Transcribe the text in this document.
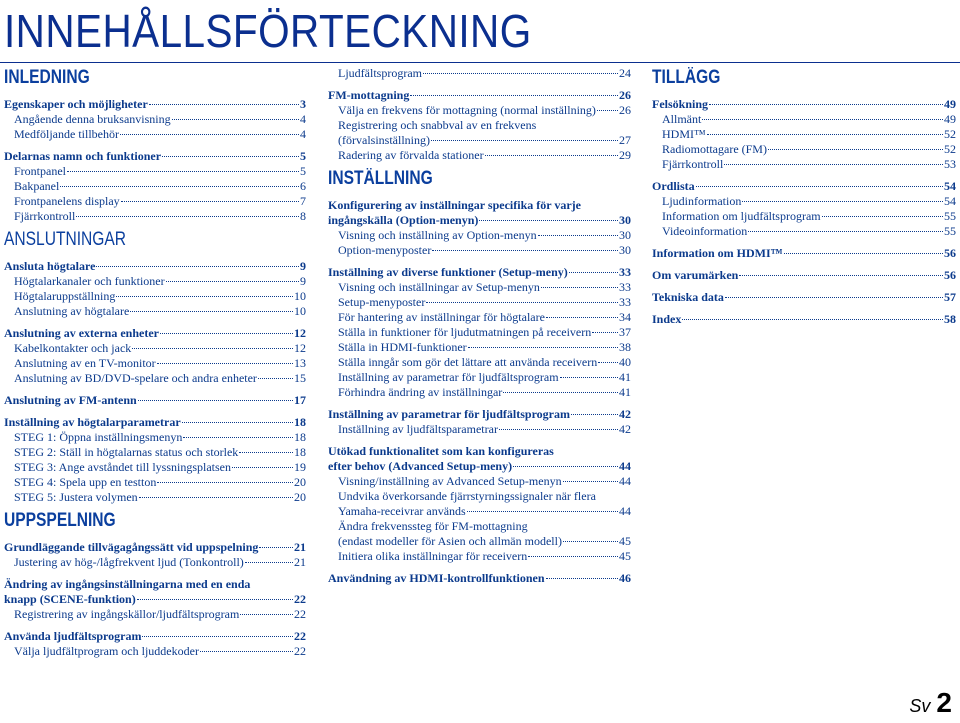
INNEHÅLLSFÖRTECKNING
INLEDNING
Egenskaper och möjligheter	3
Angående denna bruksanvisning	4
Medföljande tillbehör	4
Delarnas namn och funktioner	5
Frontpanel	5
Bakpanel	6
Frontpanelens display	7
Fjärrkontroll	8
ANSLUTNINGAR
Ansluta högtalare	9
Högtalarkanaler och funktioner	9
Högtalaruppställning	10
Anslutning av högtalare	10
Anslutning av externa enheter	12
Kabelkontakter och jack	12
Anslutning av en TV-monitor	13
Anslutning av BD/DVD-spelare och andra enheter	15
Anslutning av FM-antenn	17
Inställning av högtalarparametrar	18
STEG 1: Öppna inställningsmenyn	18
STEG 2: Ställ in högtalarnas status och storlek	18
STEG 3: Ange avståndet till lyssningsplatsen	19
STEG 4: Spela upp en testton	20
STEG 5: Justera volymen	20
UPPSPELNING
Grundläggande tillvägagångssätt vid uppspelning	21
Justering av hög-/lågfrekvent ljud (Tonkontroll)	21
Ändring av ingångsinställningarna med en enda
knapp (SCENE-funktion)	22
Registrering av ingångskällor/ljudfältsprogram	22
Använda ljudfältsprogram	22
Välja ljudfältprogram och ljuddekoder	22
Ljudfältsprogram	24
FM-mottagning	26
Välja en frekvens för mottagning (normal inställning) 26
Registrering och snabbval av en frekvens
(förvalsinställning)	27
Radering av förvalda stationer	29
INSTÄLLNING
Konfigurering av inställningar specifika för varje
ingångskälla (Option-menyn)	30
Visning och inställning av Option-menyn	30
Option-menyposter	30
Inställning av diverse funktioner (Setup-meny)	33
Visning och inställningar av Setup-menyn	33
Setup-menyposter	33
För hantering av inställningar för högtalare	34
Ställa in funktioner för ljudutmatningen på receivern 37
Ställa in HDMI-funktioner	38
Ställa inngår som gör det lättare att använda receivern 40
Inställning av parametrar för ljudfältsprogram	41
Förhindra ändring av inställningar	41
Inställning av parametrar för ljudfältsprogram	42
Inställning av ljudfältsparametrar	42
Utökad funktionalitet som kan konfigureras
efter behov (Advanced Setup-meny)	44
Visning/inställning av Advanced Setup-menyn	44
Undvika överkorsande fjärrstyrningssignaler när flera
Yamaha-receivrar används	44
Ändra frekvenssteg för FM-mottagning
(endast modeller för Asien och allmän modell)	45
Initiera olika inställningar för receivern	45
Användning av HDMI-kontrollfunktionen	46
TILLÄGG
Felsökning	49
Allmänt	49
HDMI™	52
Radiomottagare (FM)	52
Fjärrkontroll	53
Ordlista	54
Ljudinformation	54
Information om ljudfältsprogram	55
Videoinformation	55
Information om HDMI™	56
Om varumärken	56
Tekniska data	57
Index	58
Sv 2
